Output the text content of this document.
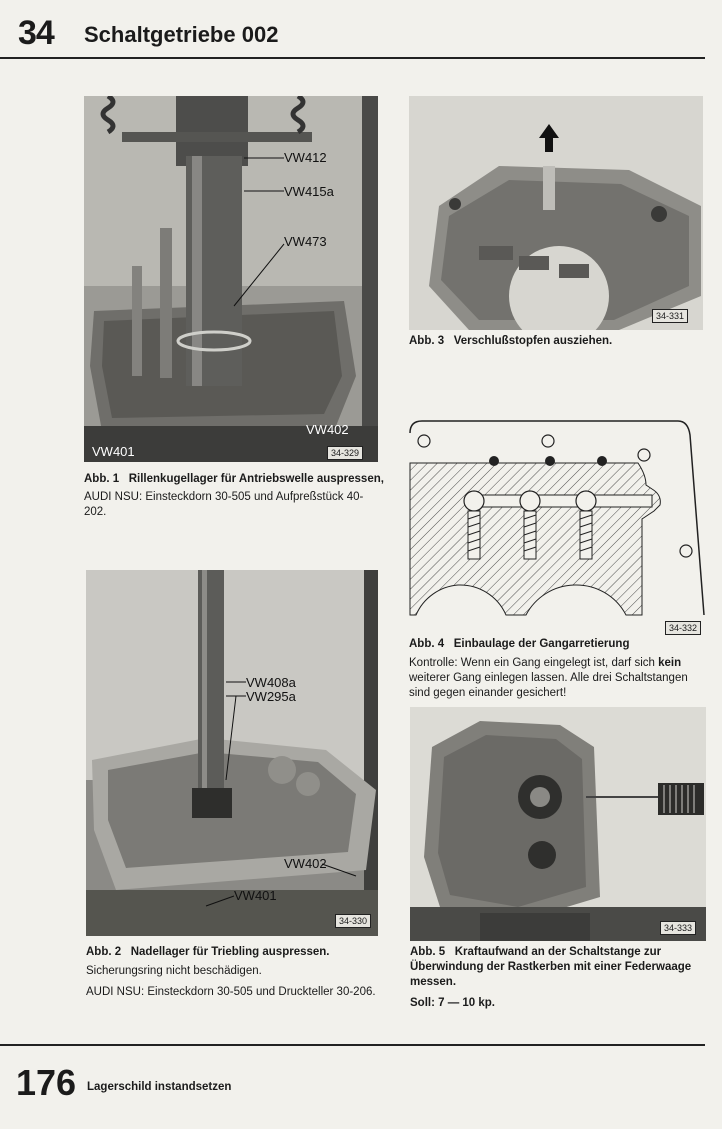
34 Schaltgetriebe 002
VW412
VW415a
VW473
VW402
VW401	34-329
Abb. 1 Rillenkugellager für Antriebswelle auspressen,
AUDI NSU: Einsteckdorn 30-505 und Aufpreßstück 40-202.
VW408a
VW295a
VW402
VW401
34-330
Abb. 2 Nadellager für Triebling auspressen.
Sicherungsring nicht beschädigen.
AUDI NSU: Einsteckdorn 30-505 und Druckteller 30-206.
34-331
Abb. 3 Verschlußstopfen ausziehen.
34-332
Abb. 4 Einbaulage der Gangarretierung
Kontrolle: Wenn ein Gang eingelegt ist, darf sich kein weiterer Gang einlegen lassen. Alle drei Schaltstangen sind gegen einander gesichert!
34-333
Abb. 5 Kraftaufwand an der Schaltstange zur Überwindung der Rastkerben mit einer Federwaage messen.
Soll: 7 — 10 kp.
176 Lagerschild instandsetzen
